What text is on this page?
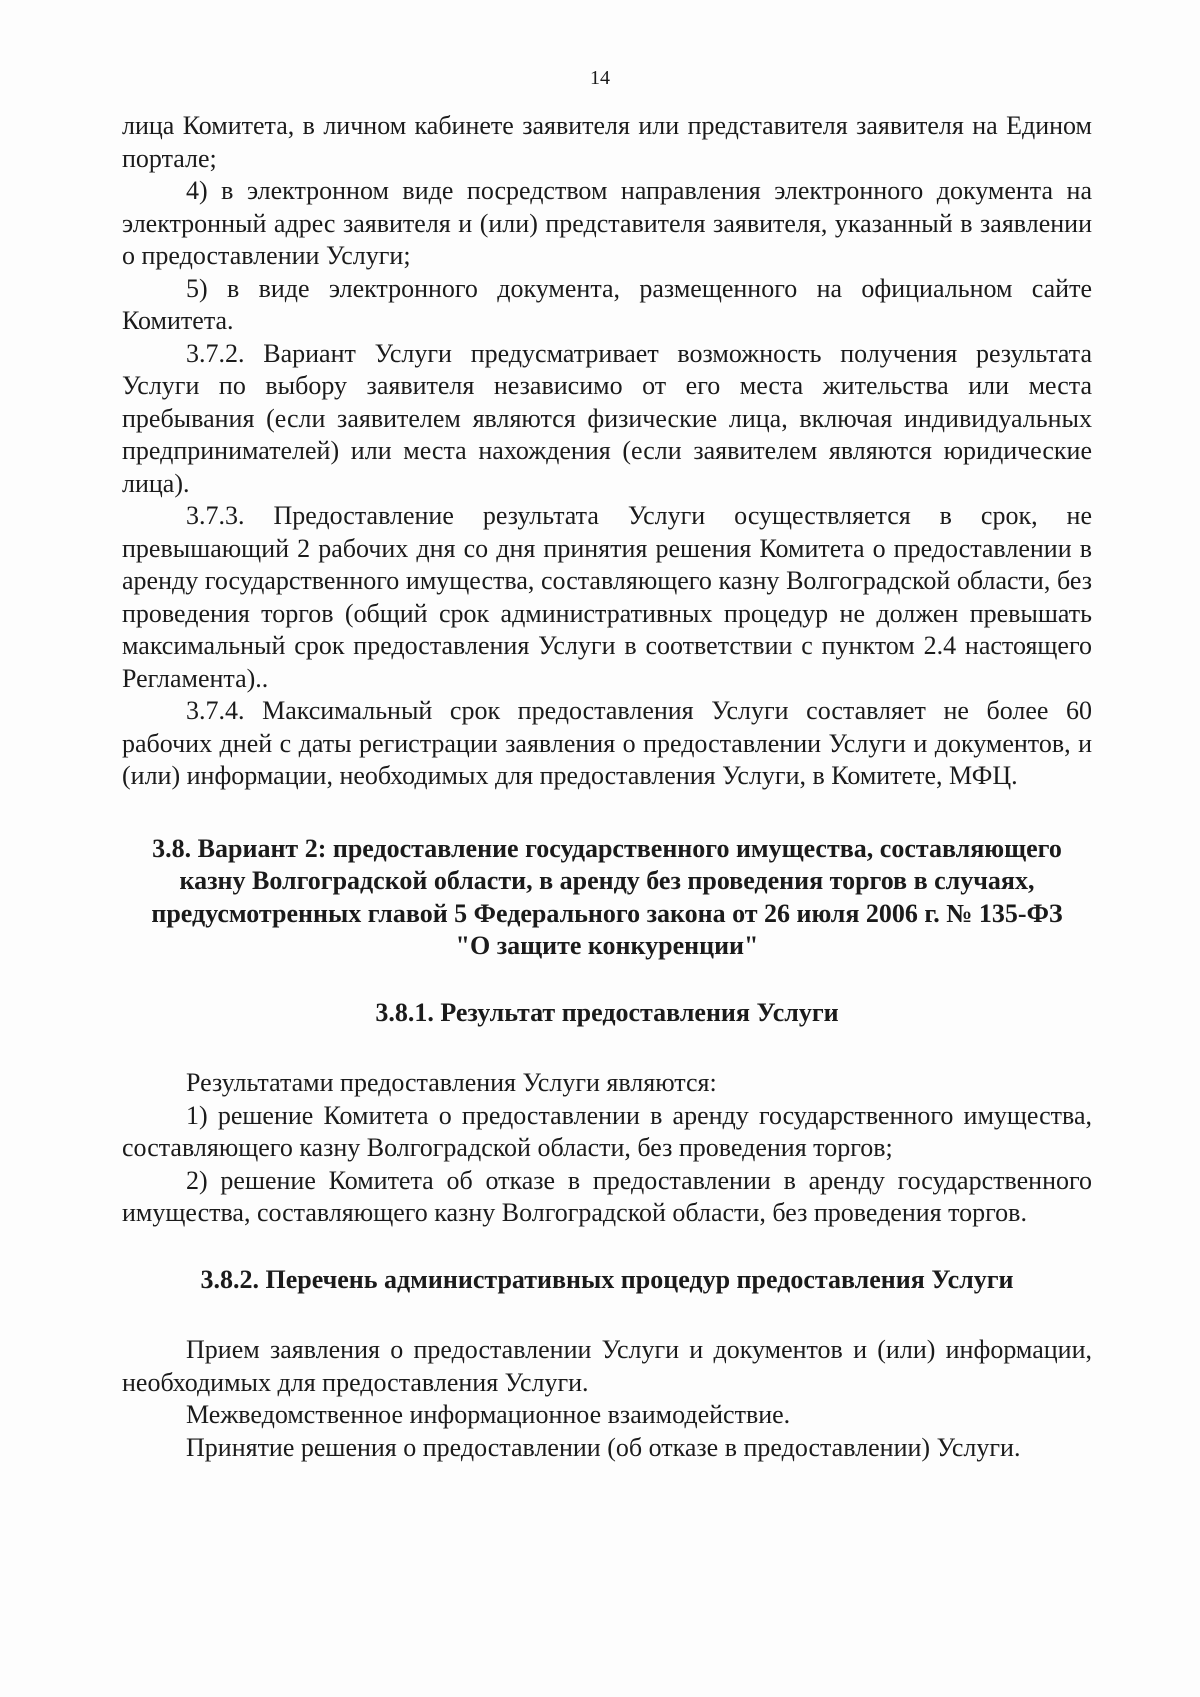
14

лица Комитета, в личном кабинете заявителя или представителя заявителя на Едином портале;

4) в электронном виде посредством направления электронного документа на электронный адрес заявителя и (или) представителя заявителя, указанный в заявлении о предоставлении Услуги;

5) в виде электронного документа, размещенного на официальном сайте Комитета.

3.7.2. Вариант Услуги предусматривает возможность получения результата Услуги по выбору заявителя независимо от его места жительства или места пребывания (если заявителем являются физические лица, включая индивидуальных предпринимателей) или места нахождения (если заявителем являются юридические лица).

3.7.3. Предоставление результата Услуги осуществляется в срок, не превышающий 2 рабочих дня со дня принятия решения Комитета о предоставлении в аренду государственного имущества, составляющего казну Волгоградской области, без проведения торгов (общий срок административных процедур не должен превышать максимальный срок предоставления Услуги в соответствии с пунктом 2.4 настоящего Регламента)..

3.7.4. Максимальный срок предоставления Услуги составляет не более 60 рабочих дней с даты регистрации заявления о предоставлении Услуги и документов, и (или) информации, необходимых для предоставления Услуги, в Комитете, МФЦ.

3.8. Вариант 2: предоставление государственного имущества, составляющего казну Волгоградской области, в аренду без проведения торгов в случаях, предусмотренных главой 5 Федерального закона от 26 июля 2006 г. № 135-ФЗ "О защите конкуренции"

3.8.1. Результат предоставления Услуги

Результатами предоставления Услуги являются:

1) решение Комитета о предоставлении в аренду государственного имущества, составляющего казну Волгоградской области, без проведения торгов;

2) решение Комитета об отказе в предоставлении в аренду государственного имущества, составляющего казну Волгоградской области, без проведения торгов.

3.8.2. Перечень административных процедур предоставления Услуги

Прием заявления о предоставлении Услуги и документов и (или) информации, необходимых для предоставления Услуги.

Межведомственное информационное взаимодействие.

Принятие решения о предоставлении (об отказе в предоставлении) Услуги.
